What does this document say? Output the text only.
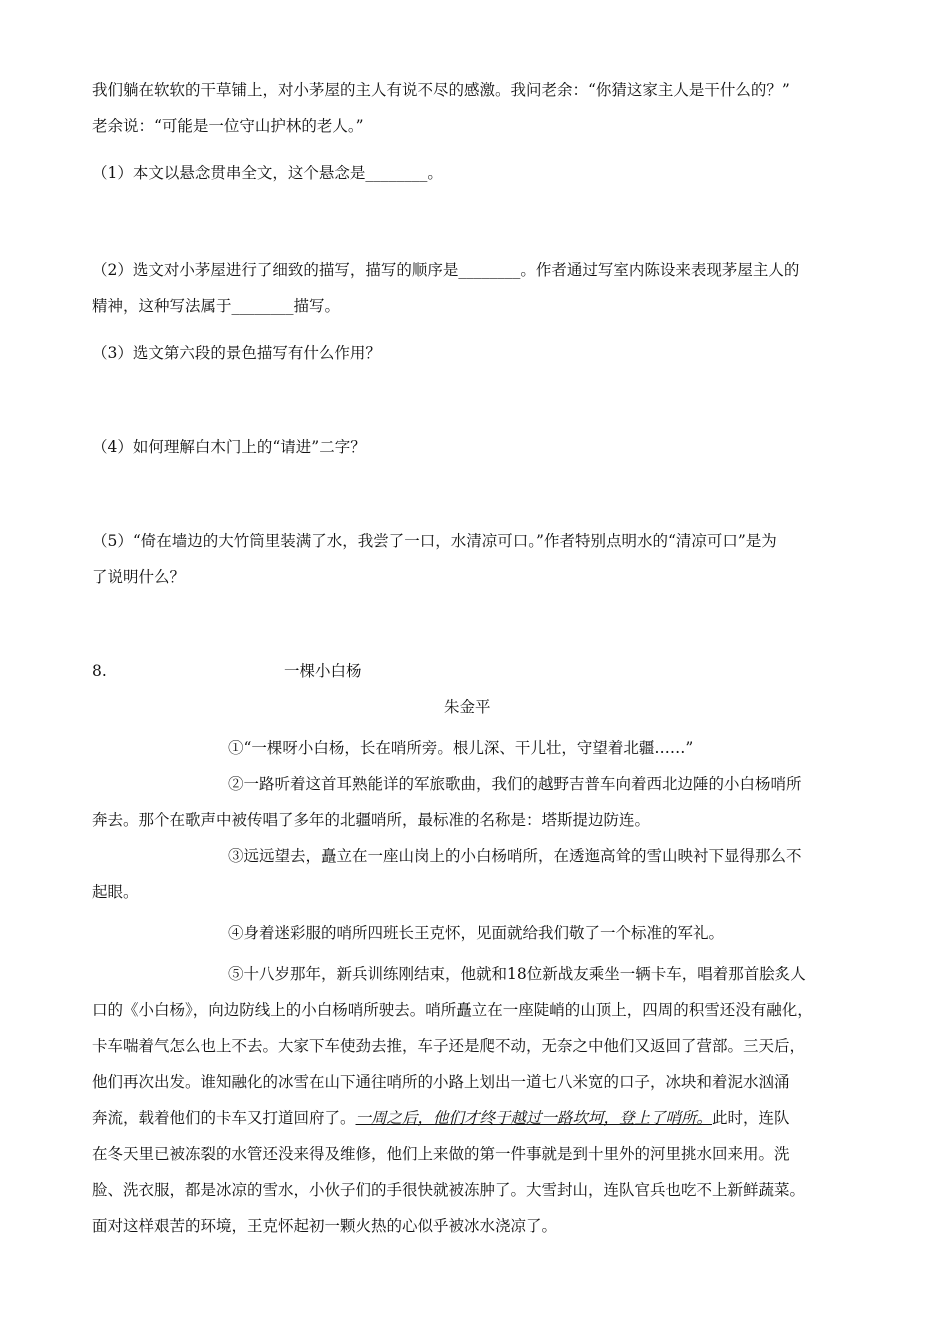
我们躺在软软的干草铺上，对小茅屋的主人有说不尽的感激。我问老余：“你猜这家主人是干什么的？”
老余说：“可能是一位守山护林的老人。”
（1）本文以悬念贯串全文，这个悬念是________。
（2）选文对小茅屋进行了细致的描写，描写的顺序是________。作者通过写室内陈设来表现茅屋主人的
精神，这种写法属于________描写。
（3）选文第六段的景色描写有什么作用？
（4）如何理解白木门上的“请进”二字？
（5）“倚在墙边的大竹筒里装满了水，我尝了一口，水清凉可口。”作者特别点明水的“清凉可口”是为
了说明什么？
8.	一棵小白杨
朱金平
①“一棵呀小白杨，长在哨所旁。根儿深、干儿壮，守望着北疆……”
②一路听着这首耳熟能详的军旅歌曲，我们的越野吉普车向着西北边陲的小白杨哨所
奔去。那个在歌声中被传唱了多年的北疆哨所，最标准的名称是：塔斯提边防连。
③远远望去，矗立在一座山岗上的小白杨哨所，在透迤高耸的雪山映衬下显得那么不
起眼。
④身着迷彩服的哨所四班长王克怀，见面就给我们敬了一个标准的军礼。
⑤十八岁那年，新兵训练刚结束，他就和18位新战友乘坐一辆卡车，唱着那首脍炙人
口的《小白杨》，向边防线上的小白杨哨所驶去。哨所矗立在一座陡峭的山顶上，四周的积雪还没有融化，
卡车喘着气怎么也上不去。大家下车使劲去推，车子还是爬不动，无奈之中他们又返回了营部。三天后，
他们再次出发。谁知融化的冰雪在山下通往哨所的小路上划出一道七八米宽的口子，冰块和着泥水汹涌
奔流，载着他们的卡车又打道回府了。一周之后，他们才终于越过一路坎坷，登上了哨所。此时，连队
在冬天里已被冻裂的水管还没来得及维修，他们上来做的第一件事就是到十里外的河里挑水回来用。洗
脸、洗衣服，都是冰凉的雪水，小伙子们的手很快就被冻肿了。大雪封山，连队官兵也吃不上新鲜蔬菜。
面对这样艰苦的环境，王克怀起初一颗火热的心似乎被冰水浇凉了。
